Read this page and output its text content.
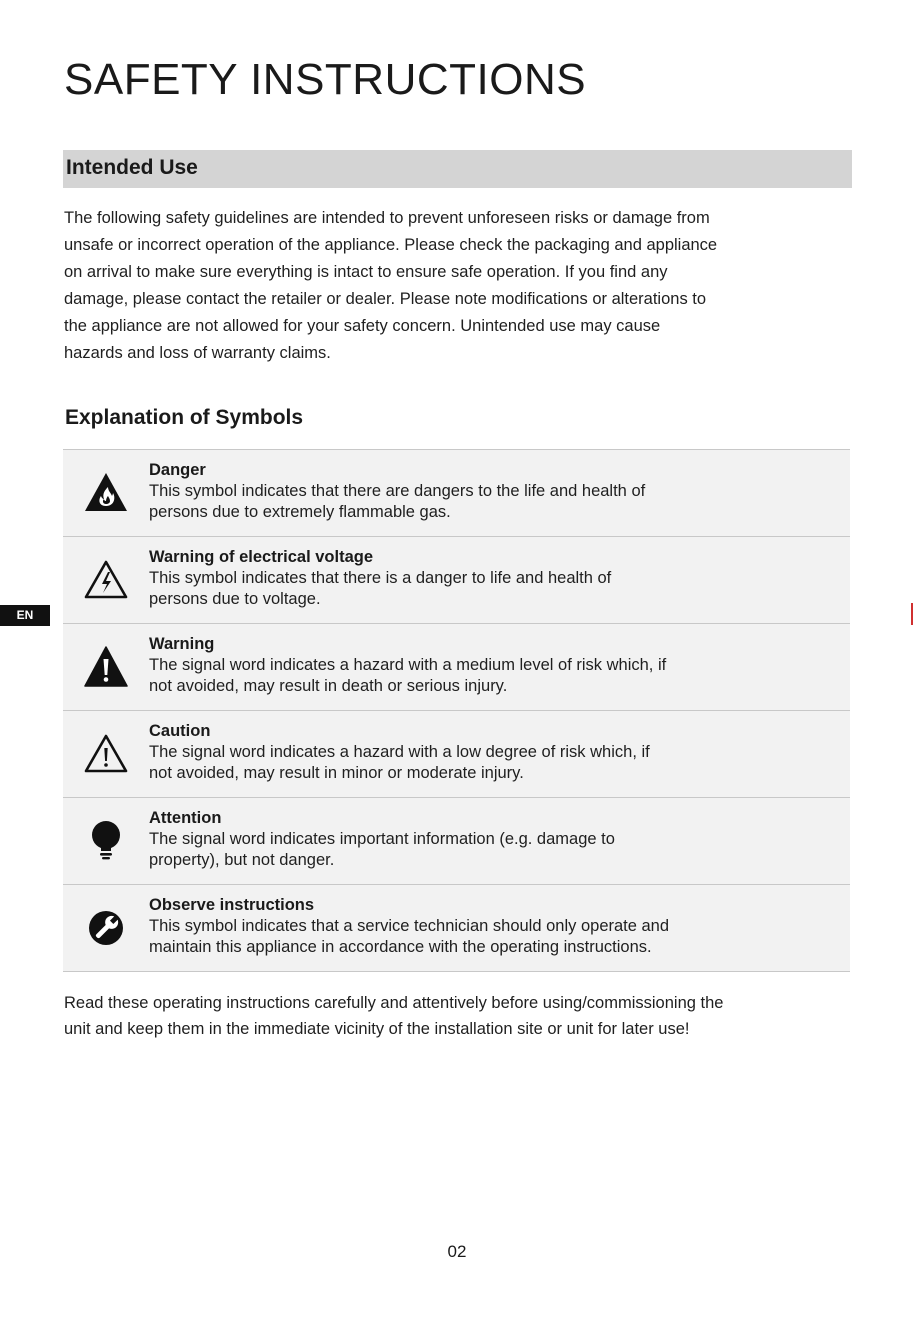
SAFETY INSTRUCTIONS
Intended Use

The following safety guidelines are intended to prevent unforeseen risks or damage from
unsafe or incorrect operation of the appliance. Please check the packaging and appliance
on arrival to make sure everything is intact to ensure safe operation. If you find any
damage, please contact the retailer or dealer. Please note modifications or alterations to
the appliance are not allowed for your safety concern. Unintended use may cause
hazards and loss of warranty claims.

Explanation of Symbols
Danger
This symbol indicates that there are dangers to the life and health of
persons due to extremely flammable gas.
Warning of electrical voltage
This symbol indicates that there is a danger to life and health of
persons due to voltage.
Warning
The signal word indicates a hazard with a medium level of risk which, if
not avoided, may result in death or serious injury.
Caution
The signal word indicates a hazard with a low degree of risk which, if
not avoided, may result in minor or moderate injury.
Attention
The signal word indicates important information (e.g. damage to
property), but not danger.
Observe instructions
This symbol indicates that a service technician should only operate and
maintain this appliance in accordance with the operating instructions.

Read these operating instructions carefully and attentively before using/commissioning the
unit and keep them in the immediate vicinity of the installation site or unit for later use!

EN
02
